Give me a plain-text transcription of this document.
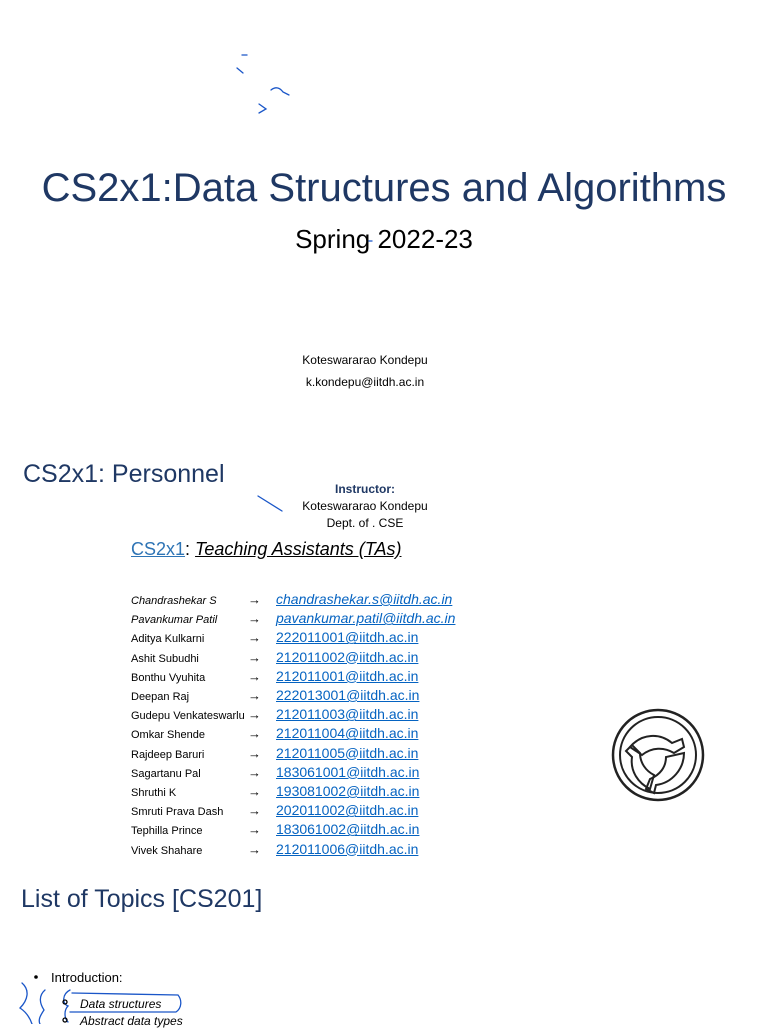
CS2x1:Data Structures and Algorithms
Spring 2022-23
Koteswararao Kondepu
k.kondepu@iitdh.ac.in
CS2x1: Personnel
Instructor:
Koteswararao Kondepu
Dept. of . CSE
CS2x1: Teaching Assistants (TAs)
Chandrashekar S → chandrashekar.s@iitdh.ac.in
Pavankumar Patil → pavankumar.patil@iitdh.ac.in
Aditya Kulkarni	→ 222011001@iitdh.ac.in
Ashit Subudhi	→ 212011002@iitdh.ac.in
Bonthu Vyuhita	→ 212011001@iitdh.ac.in
Deepan Raj	→ 222013001@iitdh.ac.in
Gudepu Venkateswarlu → 212011003@iitdh.ac.in
Omkar Shende	→ 212011004@iitdh.ac.in
Rajdeep Baruri	→ 212011005@iitdh.ac.in
Sagartanu Pal	→ 183061001@iitdh.ac.in
Shruthi K	→ 193081002@iitdh.ac.in
Smruti Prava Dash → 202011002@iitdh.ac.in
Tephilla Prince	→ 183061002@iitdh.ac.in
Vivek Shahare	→ 212011006@iitdh.ac.in
List of Topics [CS201]
Introduction:
Data structures
Abstract data types
